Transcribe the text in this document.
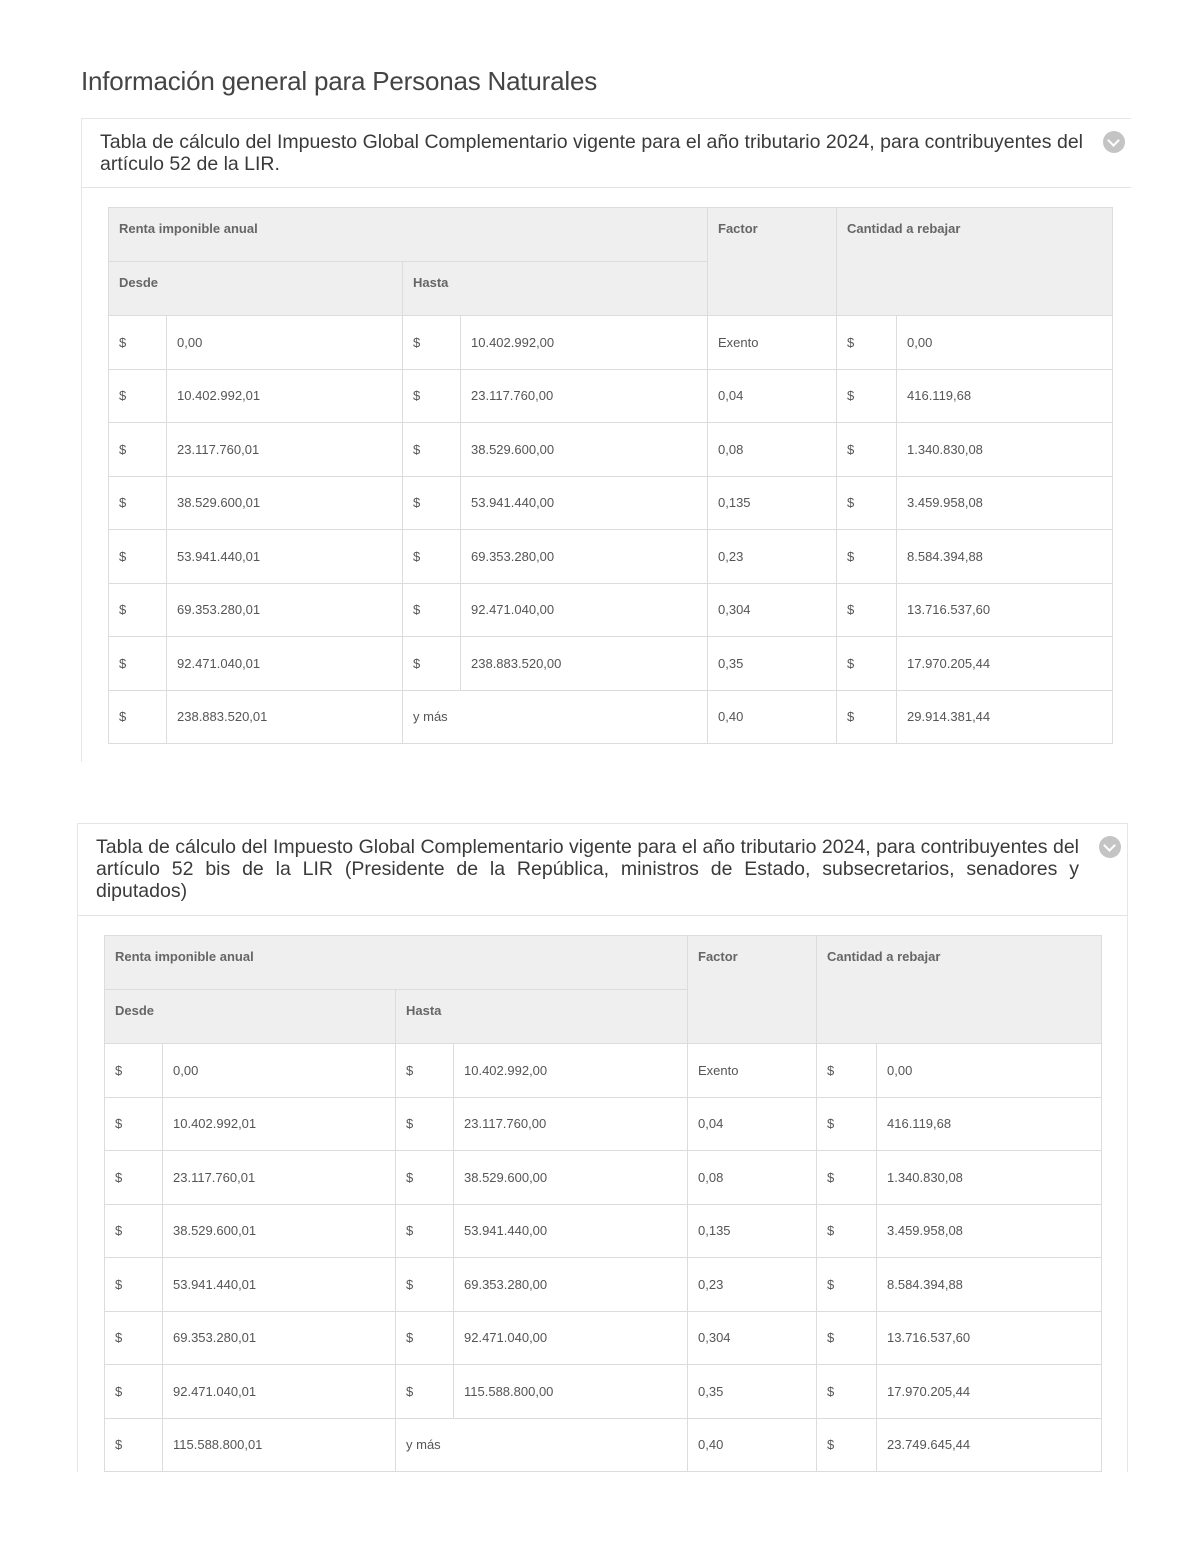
Información general para Personas Naturales

Tabla de cálculo del Impuesto Global Complementario vigente para el año tributario 2024, para contribuyentes del artículo 52 de la LIR.

Renta imponible anual				Factor	Cantidad a rebajar	
Desde		Hasta				
$	0,00	$	10.402.992,00	Exento	$	0,00
$	10.402.992,01	$	23.117.760,00	0,04	$	416.119,68
$	23.117.760,01	$	38.529.600,00	0,08	$	1.340.830,08
$	38.529.600,01	$	53.941.440,00	0,135	$	3.459.958,08
$	53.941.440,01	$	69.353.280,00	0,23	$	8.584.394,88
$	69.353.280,01	$	92.471.040,00	0,304	$	13.716.537,60
$	92.471.040,01	$	238.883.520,00	0,35	$	17.970.205,44
$	238.883.520,01	y más		0,40	$	29.914.381,44

Tabla de cálculo del Impuesto Global Complementario vigente para el año tributario 2024, para contribuyentes del artículo 52 bis de la LIR (Presidente de la República, ministros de Estado, subsecretarios, senadores y diputados)

Renta imponible anual				Factor	Cantidad a rebajar	
Desde		Hasta				
$	0,00	$	10.402.992,00	Exento	$	0,00
$	10.402.992,01	$	23.117.760,00	0,04	$	416.119,68
$	23.117.760,01	$	38.529.600,00	0,08	$	1.340.830,08
$	38.529.600,01	$	53.941.440,00	0,135	$	3.459.958,08
$	53.941.440,01	$	69.353.280,00	0,23	$	8.584.394,88
$	69.353.280,01	$	92.471.040,00	0,304	$	13.716.537,60
$	92.471.040,01	$	115.588.800,00	0,35	$	17.970.205,44
$	115.588.800,01	y más		0,40	$	23.749.645,44
